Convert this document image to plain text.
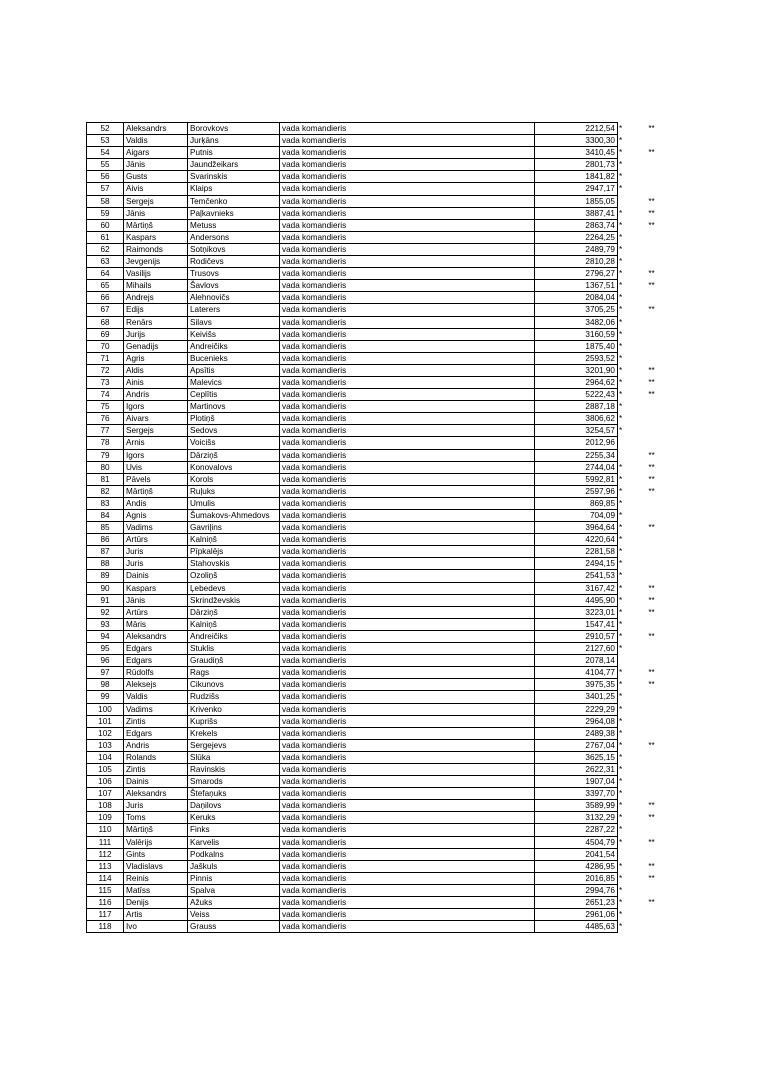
52	Aleksandrs	Borovkovs	vada komandieris	2212,54	*	**
53	Valdis	Jurķāns	vada komandieris	3300,30	*	
54	Aigars	Putnis	vada komandieris	3410,45	*	**
55	Jānis	Jaundžeikars	vada komandieris	2801,73	*	
56	Gusts	Svarinskis	vada komandieris	1841,82	*	
57	Aivis	Klaips	vada komandieris	2947,17	*	
58	Sergejs	Temčenko	vada komandieris	1855,05		**
59	Jānis	Paļkavnieks	vada komandieris	3887,41	*	**
60	Mārtiņš	Metuss	vada komandieris	2863,74	*	**
61	Kaspars	Andersons	vada komandieris	2264,25	*	
62	Raimonds	Sotņikovs	vada komandieris	2489,79	*	
63	Jevgenijs	Rodičevs	vada komandieris	2810,28	*	
64	Vasilijs	Trusovs	vada komandieris	2796,27	*	**
65	Mihails	Šavlovs	vada komandieris	1367,51	*	**
66	Andrejs	Alehnovičs	vada komandieris	2084,04	*	
67	Edijs	Laterers	vada komandieris	3705,25	*	**
68	Renārs	Silavs	vada komandieris	3482,06	*	
69	Jurijs	Keivišs	vada komandieris	3160,59	*	
70	Genadijs	Andreičiks	vada komandieris	1875,40	*	
71	Agris	Bucenieks	vada komandieris	2593,52	*	
72	Aldis	Apsītis	vada komandieris	3201,90	*	**
73	Ainis	Malevics	vada komandieris	2964,62	*	**
74	Andris	Ceplītis	vada komandieris	5222,43	*	**
75	Igors	Martinovs	vada komandieris	2887,18	*	
76	Aivars	Plotiņš	vada komandieris	3806,62	*	
77	Sergejs	Sedovs	vada komandieris	3254,57	*	
78	Arnis	Voicišs	vada komandieris	2012,96		
79	Igors	Dārziņš	vada komandieris	2255,34		**
80	Uvis	Konovalovs	vada komandieris	2744,04	*	**
81	Pāvels	Korols	vada komandieris	5992,81	*	**
82	Mārtiņš	Ruļuks	vada komandieris	2597,96	*	**
83	Andis	Umulis	vada komandieris	869,85	*	
84	Agnis	Šumakovs-Ahmedovs	vada komandieris	704,09	*	
85	Vadims	Gavriļins	vada komandieris	3964,64	*	**
86	Artūrs	Kalniņš	vada komandieris	4220,64	*	
87	Juris	Pīpkalējs	vada komandieris	2281,58	*	
88	Juris	Stahovskis	vada komandieris	2494,15	*	
89	Dainis	Ozoliņš	vada komandieris	2541,53	*	
90	Kaspars	Ļebedevs	vada komandieris	3167,42	*	**
91	Jānis	Skrindževskis	vada komandieris	4495,90	*	**
92	Artūrs	Dārziņš	vada komandieris	3223,01	*	**
93	Māris	Kalniņš	vada komandieris	1547,41	*	
94	Aleksandrs	Andreičiks	vada komandieris	2910,57	*	**
95	Edgars	Stuklis	vada komandieris	2127,60	*	
96	Edgars	Graudiņš	vada komandieris	2078,14		
97	Rūdolfs	Rags	vada komandieris	4104,77	*	**
98	Aleksejs	Cikunovs	vada komandieris	3975,35	*	**
99	Valdis	Rudzišs	vada komandieris	3401,25	*	
100	Vadims	Krivenko	vada komandieris	2229,29	*	
101	Zintis	Kuprišs	vada komandieris	2964,08	*	
102	Edgars	Krekels	vada komandieris	2489,38	*	
103	Andris	Sergejevs	vada komandieris	2767,04	*	**
104	Rolands	Slūka	vada komandieris	3625,15	*	
105	Zintis	Ravinskis	vada komandieris	2622,31	*	
106	Dainis	Smarods	vada komandieris	1907,04	*	
107	Aleksandrs	Štefaņuks	vada komandieris	3397,70	*	
108	Juris	Daņilovs	vada komandieris	3589,99	*	**
109	Toms	Keruks	vada komandieris	3132,29	*	**
110	Mārtiņš	Finks	vada komandieris	2287,22	*	
111	Valērijs	Karvelis	vada komandieris	4504,79	*	**
112	Gints	Podkalns	vada komandieris	2041,54		
113	Vladislavs	Jaškuls	vada komandieris	4286,95	*	**
114	Reinis	Pinnis	vada komandieris	2016,85	*	**
115	Matīss	Spalva	vada komandieris	2994,76	*	
116	Denijs	Ažuks	vada komandieris	2651,23	*	**
117	Artis	Veiss	vada komandieris	2961,06	*	
118	Ivo	Grauss	vada komandieris	4485,63	*	
